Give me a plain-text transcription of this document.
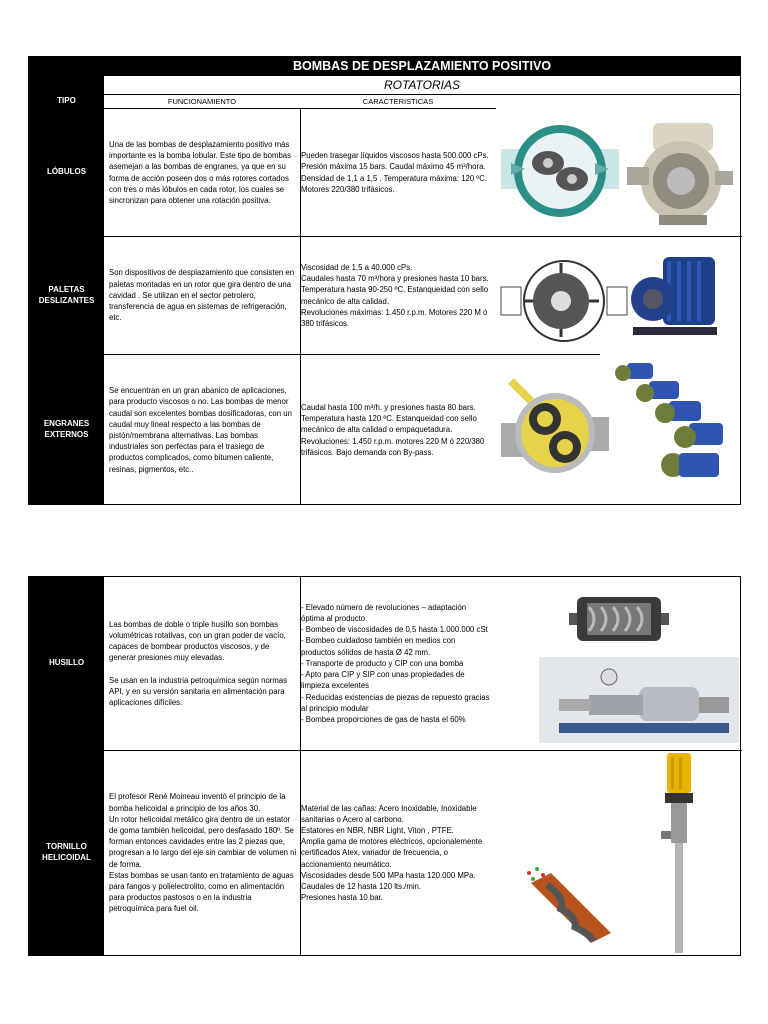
BOMBAS DE DESPLAZAMIENTO POSITIVO
ROTATORIAS
TIPO	FUNCIONAMIENTO	CARACTERISTICAS
LÓBULOS
Una de las bombas de desplazamiento positivo más importante es la bomba lobular. Este tipo de bombas asemejan a las bombas de engranes, ya que en su forma de acción poseen dos o más rotores cortados con tres o más lóbulos en cada rotor, los cuales se sincronizan para obtener una rotación positiva.
Pueden trasegar líquidos viscosos hasta 500.000 cPs.
Presión máxima 15 bars. Caudal máximo 45 m³/hora.
Densidad de 1,1 a 1,5 . Temperatura máxima: 120 ºC.
Motores 220/380 trifásicos.
PALETAS DESLIZANTES
Son dispositivos de desplazamiento que consisten en paletas montadas en un rotor que gira dentro de una cavidad . Se utilizan en el sector petrolero, transferencia de agua en sistemas de refrigeración, etc.
Viscosidad de 1,5 a 40.000 cPs.
Caudales hasta 70 m³/hora y presiones hasta 10 bars.
Temperatura hasta 90-250 ºC. Estanqueidad con sello mecánico de alta calidad.
Revoluciones máximas: 1.450 r.p.m. Motores 220 M ó 380 trifásicos.
ENGRANES EXTERNOS
Se encuentran en un gran abanico de aplicaciones, para producto viscosos o no. Las bombas de menor caudal son excelentes bombas dosificadoras, con un caudal muy lineal respecto a las bombas de pistón/membrana alternativas. Las bombas industriales son perfectas para el trasiego de productos complicados, como bitumen caliente, resinas, pigmentos, etc..
Caudal hasta 100 m³/h. y presiones hasta 80 bars.
Temperatura hasta 120 ºC. Estanqueidad con sello mecánico de alta calidad o empaquetadura.
Revoluciones: 1.450 r.p.m. motores 220 M ó 220/380 trifásicos. Bajo demanda con By-pass.
HUSILLO
Las bombas de doble o triple husillo son bombas volumétricas rotativas, con un gran poder de vacío, capaces de bombear productos viscosos, y de generar presiones muy elevadas.

Se usan en la industria petroquímica según normas API, y en su versión sanitaria en alimentación para aplicaciones difíciles.
- Elevado número de revoluciones – adaptación óptima al producto
- Bombeo de viscosidades de 0,5 hasta 1.000.000 cSt
- Bombeo cuidadoso también en medios con productos sólidos de hasta Ø 42 mm.
- Transporte de producto y CIP con una bomba
- Apto para CIP y SIP con unas propiedades de limpieza excelentes
- Reducidas existencias de piezas de repuesto gracias al principio modular
- Bombea proporciones de gas de hasta el 60%
TORNILLO HELICOIDAL
El profesor René Moineau inventó el principio de la bomba helicoidal a principio de los años 30.
Un rotor helicoidal metálico gira dentro de un estator de goma también helicoidal, pero desfasado 180º. Se forman entonces cavidades entre las 2 piezas que, progresan a lo largo del eje sin cambiar de volumen ni de forma.
Estas bombas se usan tanto en tratamiento de aguas para fangos y polielectrolito, como en alimentación para productos pastosos o en la industria petroquímica para fuel oil.
Material de las cañas: Acero Inoxidable, Inoxidable sanitarias o Acero al carbono.
Estatores en NBR, NBR Light, Viton , PTFE.
Amplia gama de motores eléctricos, opcionalemente certificados Atex, variador de frecuencia, o accionamiento neumático.
Viscosidades desde 500 MPa hasta 120.000 MPa.
Caudales de 12 hasta 120 lts./min.
Presiones hasta 10 bar.
